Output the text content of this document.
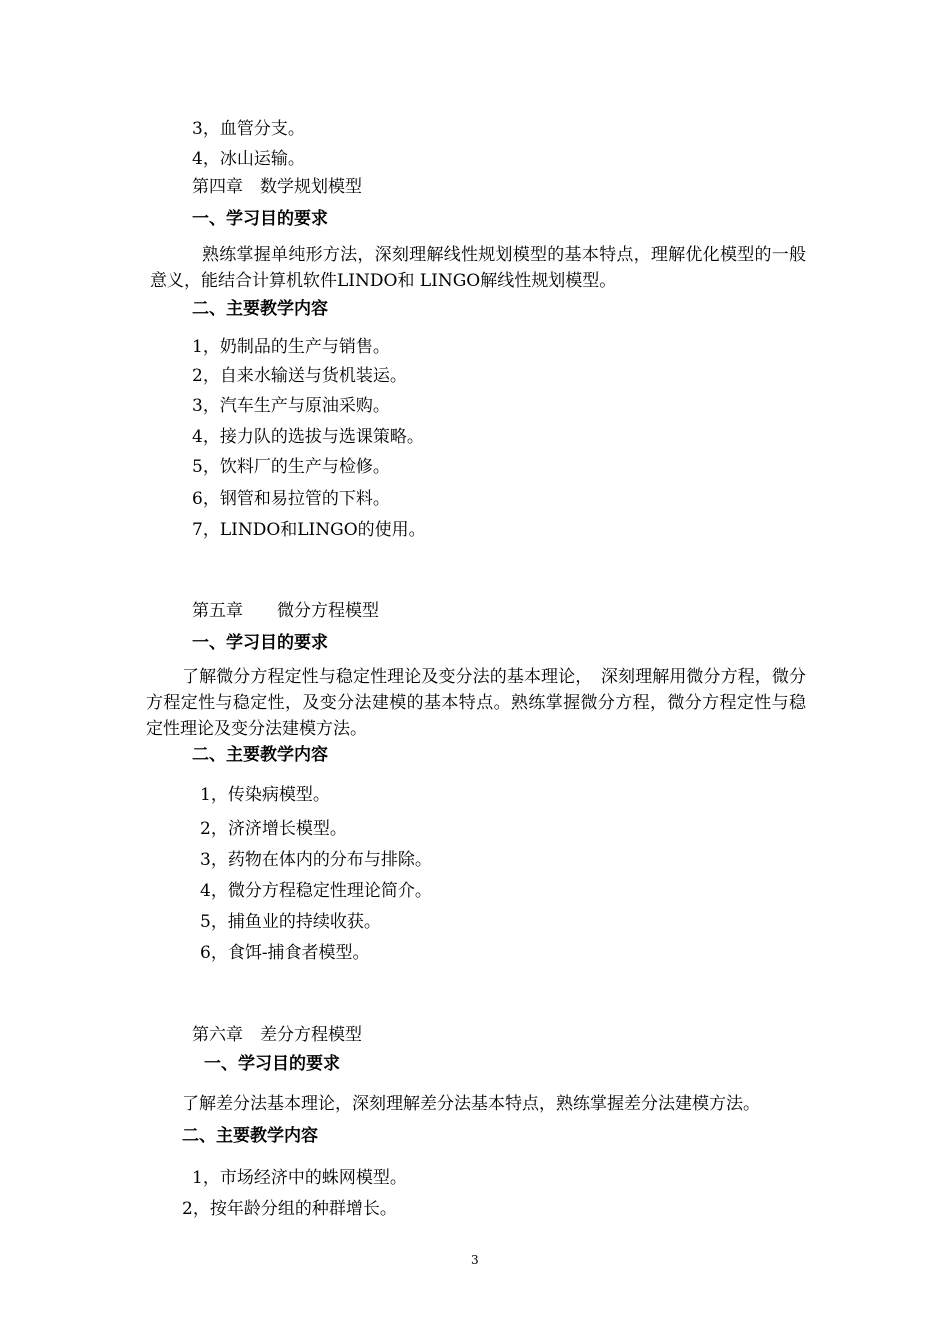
3，血管分支。
4，冰山运输。
第四章　数学规划模型
一、学习目的要求
熟练掌握单纯形方法，深刻理解线性规划模型的基本特点，理解优化模型的一般意义，能结合计算机软件LINDO和 LINGO解线性规划模型。
二、主要教学内容
1，奶制品的生产与销售。
2，自来水输送与货机装运。
3，汽车生产与原油采购。
4，接力队的选拔与选课策略。
5，饮料厂的生产与检修。
6，钢管和易拉管的下料。
7，LINDO和LINGO的使用。
第五章　　微分方程模型
一、学习目的要求
了解微分方程定性与稳定性理论及变分法的基本理论，　深刻理解用微分方程，微分方程定性与稳定性，及变分法建模的基本特点。熟练掌握微分方程，微分方程定性与稳定性理论及变分法建模方法。
二、主要教学内容
1，传染病模型。
2，济济增长模型。
3，药物在体内的分布与排除。
4，微分方程稳定性理论简介。
5，捕鱼业的持续收获。
6，食饵-捕食者模型。
第六章　差分方程模型
一、学习目的要求
了解差分法基本理论，深刻理解差分法基本特点，熟练掌握差分法建模方法。
二、主要教学内容
1，市场经济中的蛛网模型。
2，按年龄分组的种群增长。
3
